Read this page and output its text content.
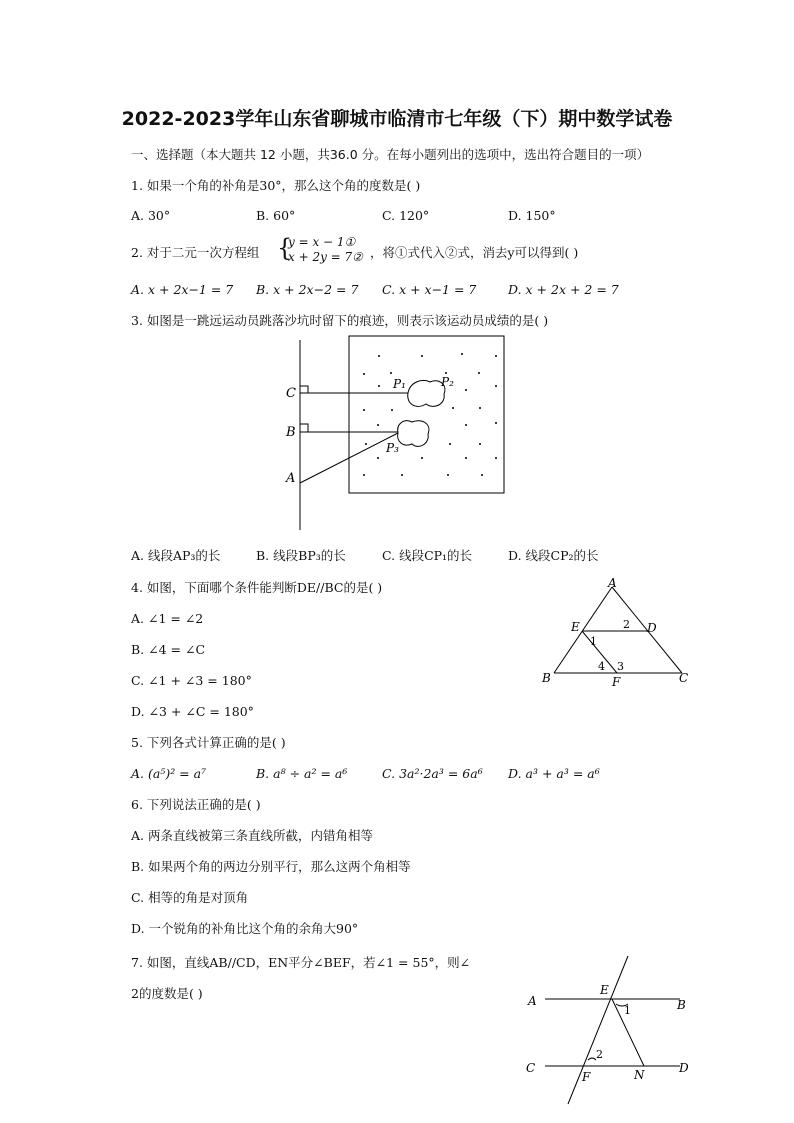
2022-2023学年山东省聊城市临清市七年级（下）期中数学试卷
一、选择题（本大题共 12 小题，共36.0 分。在每小题列出的选项中，选出符合题目的一项）
1. 如果一个角的补角是30°，那么这个角的度数是( )
A. 30°	B. 60°	C. 120°	D. 150°
2. 对于二元一次方程组 {
y = x − 1①
x + 2y = 7② ，将①式代入②式，消去y可以得到( )
A. x + 2x−1 = 7 B. x + 2x−2 = 7 C. x + x−1 = 7	D. x + 2x + 2 = 7
3. 如图是一跳远运动员跳落沙坑时留下的痕迹，则表示该运动员成绩的是( )
C
B
A
P₁	P₂
P₃
A. 线段AP₃的长	B. 线段BP₃的长	C. 线段CP₁的长	D. 线段CP₂的长
4. 如图，下面哪个条件能判断DE//BC的是( )
A. ∠1 = ∠2
B. ∠4 = ∠C
C. ∠1 + ∠3 = 180°
D. ∠3 + ∠C = 180°
A
E	D
B	F	C
1
2
3
4
5. 下列各式计算正确的是( )
A. (a⁵)² = a⁷	B. a⁸ ÷ a² = a⁶	C. 3a²·2a³ = 6a⁶ D. a³ + a³ = a⁶
6. 下列说法正确的是( )
A. 两条直线被第三条直线所截，内错角相等
B. 如果两个角的两边分别平行，那么这两个角相等
C. 相等的角是对顶角
D. 一个锐角的补角比这个角的余角大90°
7. 如图，直线AB//CD，EN平分∠BEF，若∠1 = 55°，则∠
2的度数是( )	A
E
B
1
C
2
F	N	D
